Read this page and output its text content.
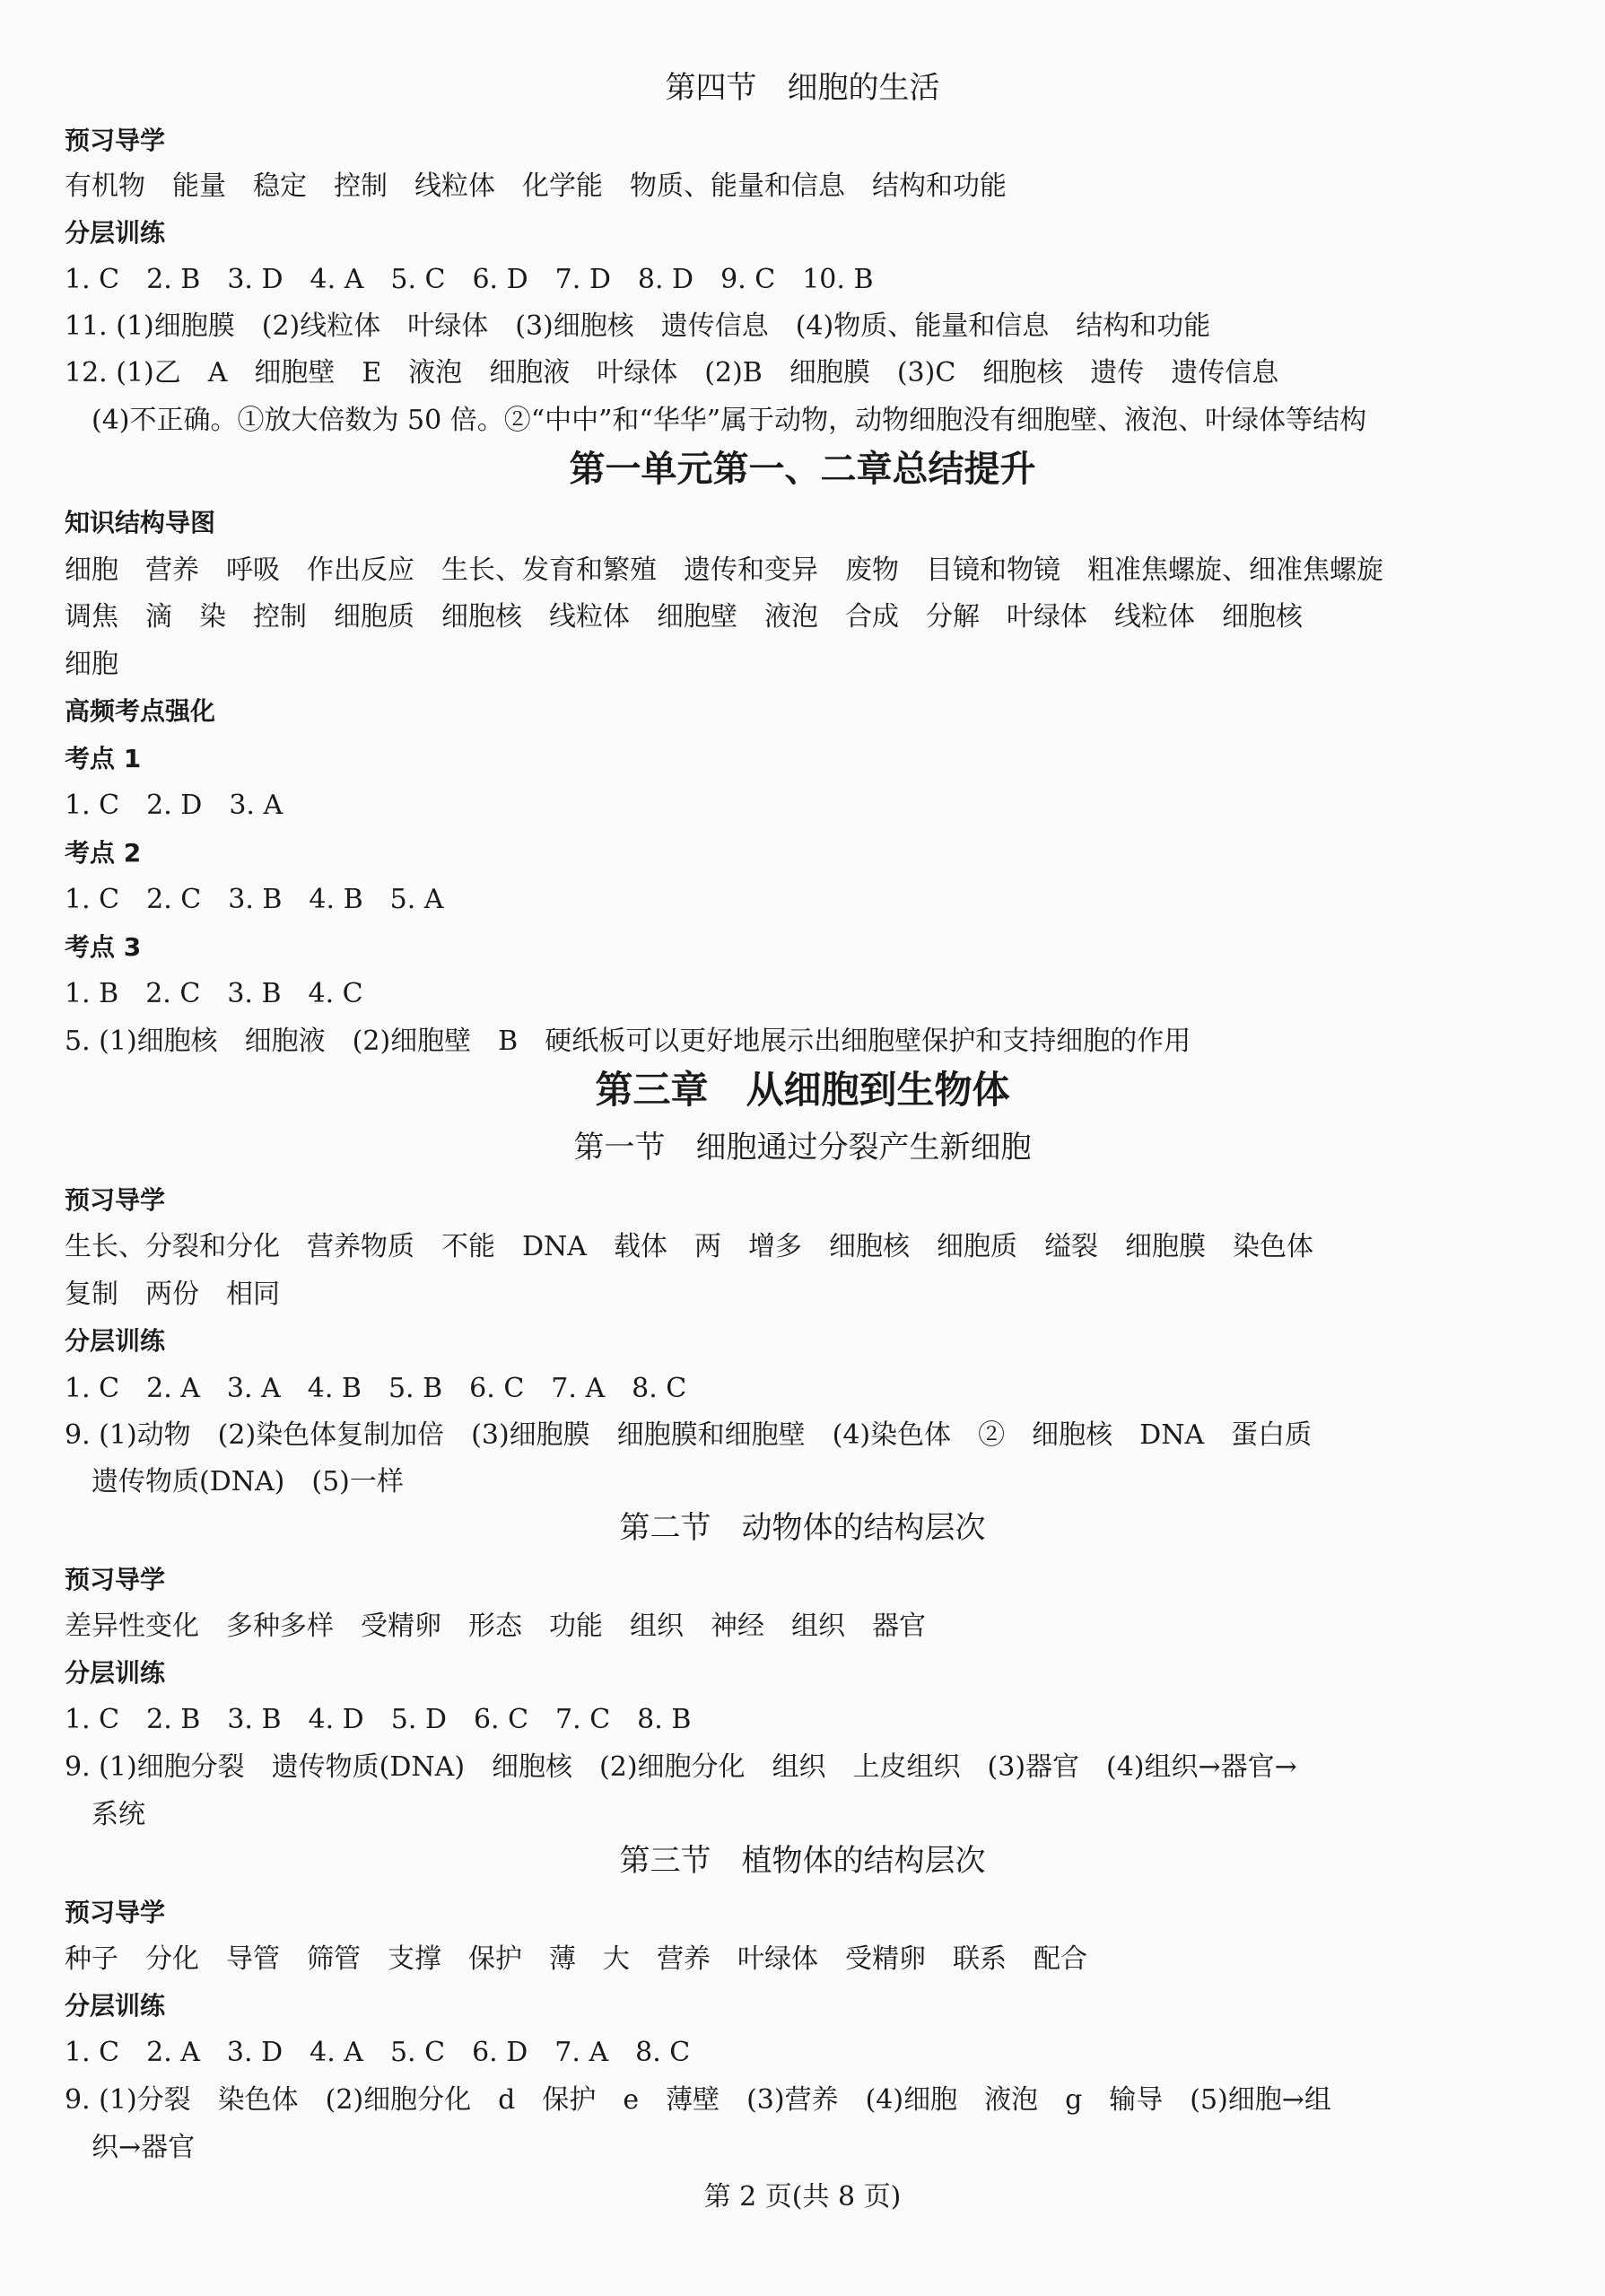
第四节　细胞的生活
预习导学
有机物　能量　稳定　控制　线粒体　化学能　物质、能量和信息　结构和功能
分层训练
1. C　2. B　3. D　4. A　5. C　6. D　7. D　8. D　9. C　10. B
11. (1)细胞膜　(2)线粒体　叶绿体　(3)细胞核　遗传信息　(4)物质、能量和信息　结构和功能
12. (1)乙　A　细胞壁　E　液泡　细胞液　叶绿体　(2)B　细胞膜　(3)C　细胞核　遗传　遗传信息
(4)不正确。①放大倍数为 50 倍。②“中中”和“华华”属于动物，动物细胞没有细胞壁、液泡、叶绿体等结构
第一单元第一、二章总结提升
知识结构导图
细胞　营养　呼吸　作出反应　生长、发育和繁殖　遗传和变异　废物　目镜和物镜　粗准焦螺旋、细准焦螺旋
调焦　滴　染　控制　细胞质　细胞核　线粒体　细胞壁　液泡　合成　分解　叶绿体　线粒体　细胞核
细胞
高频考点强化
考点 1
1. C　2. D　3. A
考点 2
1. C　2. C　3. B　4. B　5. A
考点 3
1. B　2. C　3. B　4. C
5. (1)细胞核　细胞液　(2)细胞壁　B　硬纸板可以更好地展示出细胞壁保护和支持细胞的作用
第三章　从细胞到生物体
第一节　细胞通过分裂产生新细胞
预习导学
生长、分裂和分化　营养物质　不能　DNA　载体　两　增多　细胞核　细胞质　缢裂　细胞膜　染色体
复制　两份　相同
分层训练
1. C　2. A　3. A　4. B　5. B　6. C　7. A　8. C
9. (1)动物　(2)染色体复制加倍　(3)细胞膜　细胞膜和细胞壁　(4)染色体　②　细胞核　DNA　蛋白质
遗传物质(DNA)　(5)一样
第二节　动物体的结构层次
预习导学
差异性变化　多种多样　受精卵　形态　功能　组织　神经　组织　器官
分层训练
1. C　2. B　3. B　4. D　5. D　6. C　7. C　8. B
9. (1)细胞分裂　遗传物质(DNA)　细胞核　(2)细胞分化　组织　上皮组织　(3)器官　(4)组织→器官→
系统
第三节　植物体的结构层次
预习导学
种子　分化　导管　筛管　支撑　保护　薄　大　营养　叶绿体　受精卵　联系　配合
分层训练
1. C　2. A　3. D　4. A　5. C　6. D　7. A　8. C
9. (1)分裂　染色体　(2)细胞分化　d　保护　e　薄壁　(3)营养　(4)细胞　液泡　g　输导　(5)细胞→组
织→器官
第 2 页(共 8 页)
